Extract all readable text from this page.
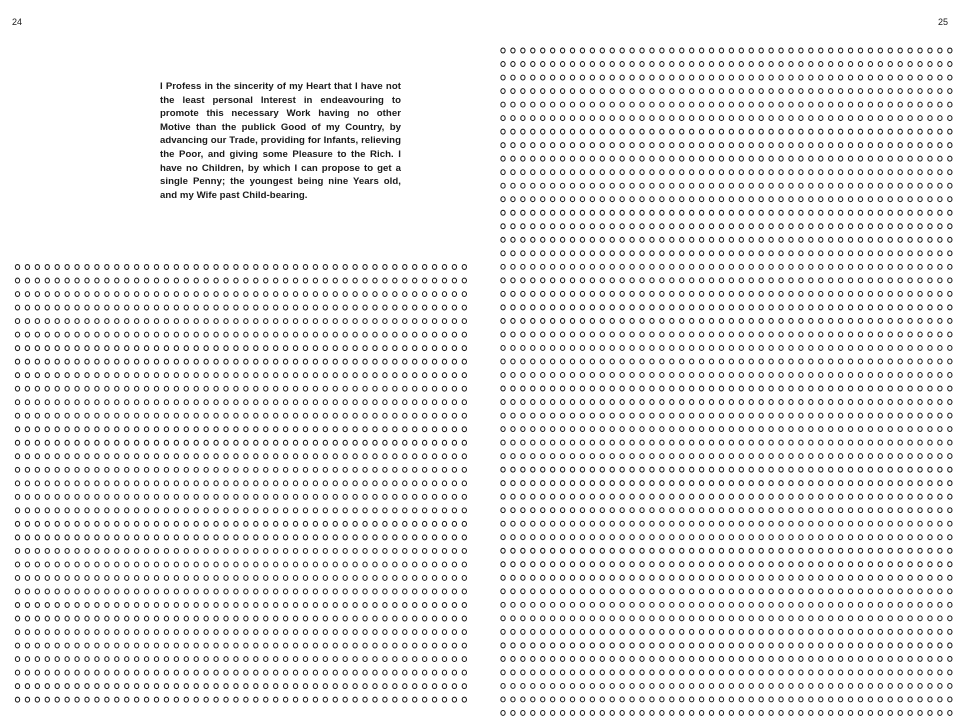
24

I Profess in the sincerity of my Heart that I have not the least personal Interest in endeavouring to promote this necessary Work having no other Motive than the publick Good of my Country, by advancing our Trade, providing for Infants, relieving the Poor, and giving some Pleasure to the Rich. I have no Children, by which I can propose to get a single Penny; the youngest being nine Years old, and my Wife past Child-bearing.

25
